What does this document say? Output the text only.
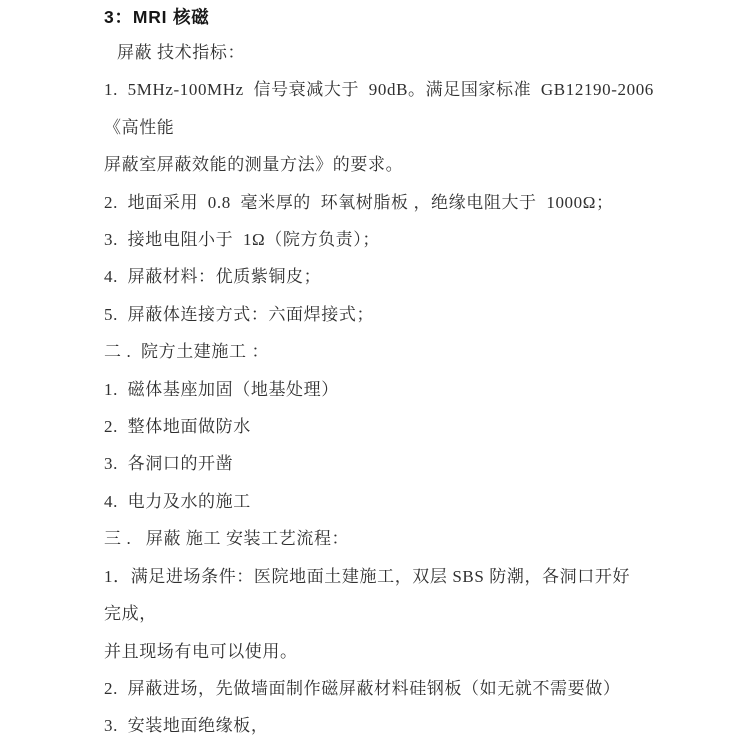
3：MRI 核磁

屏蔽 技术指标：

1.  5MHz-100MHz  信号衰减大于  90dB。满足国家标准  GB12190-2006

《高性能

屏蔽室屏蔽效能的测量方法》的要求。

2.  地面采用  0.8  毫米厚的  环氧树脂板 ，绝缘电阻大于  1000Ω；

3.  接地电阻小于  1Ω（院方负责）；

4.  屏蔽材料：优质紫铜皮；

5.  屏蔽体连接方式：六面焊接式；

二 .  院方土建施工 ：

1.  磁体基座加固（地基处理）

2.  整体地面做防水

3.  各洞口的开凿

4.  电力及水的施工

三 .   屏蔽 施工 安装工艺流程：

1．满足进场条件：医院地面土建施工，双层 SBS 防潮，各洞口开好

完成，

并且现场有电可以使用。

2.  屏蔽进场，先做墙面制作磁屏蔽材料硅钢板（如无就不需要做）

3.  安装地面绝缘板，
